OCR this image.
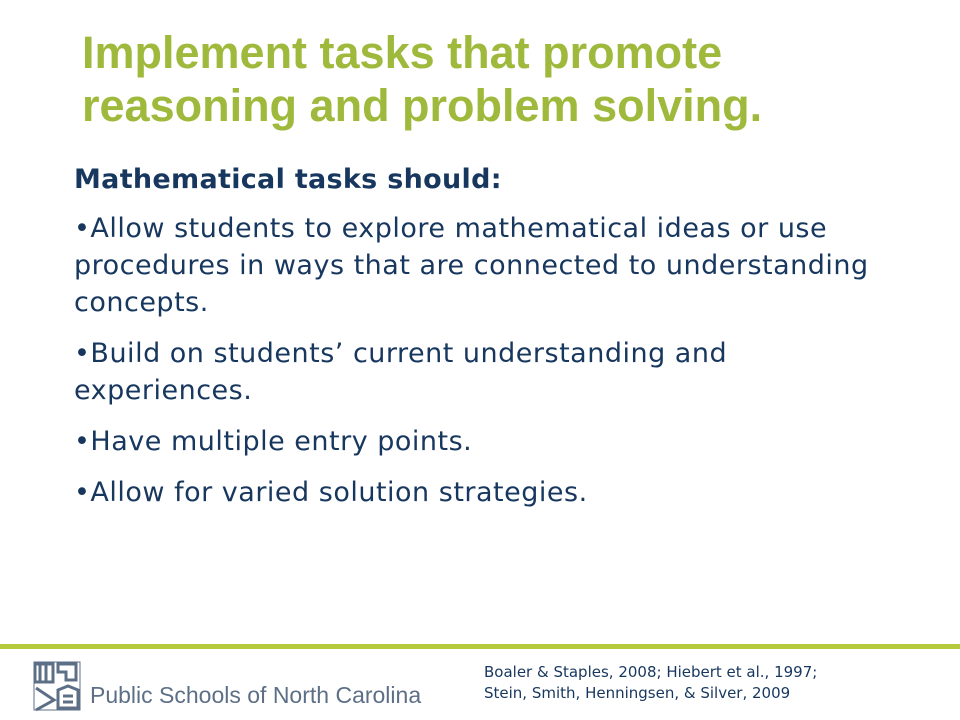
Implement tasks that promote reasoning and problem solving.
Mathematical tasks should:
•Allow students to explore mathematical ideas or use procedures in ways that are connected to understanding concepts.
•Build on students’ current understanding and experiences.
•Have multiple entry points.
•Allow for varied solution strategies.
Public Schools of North Carolina
Boaler & Staples, 2008; Hiebert et al., 1997;
Stein, Smith, Henningsen, & Silver, 2009
